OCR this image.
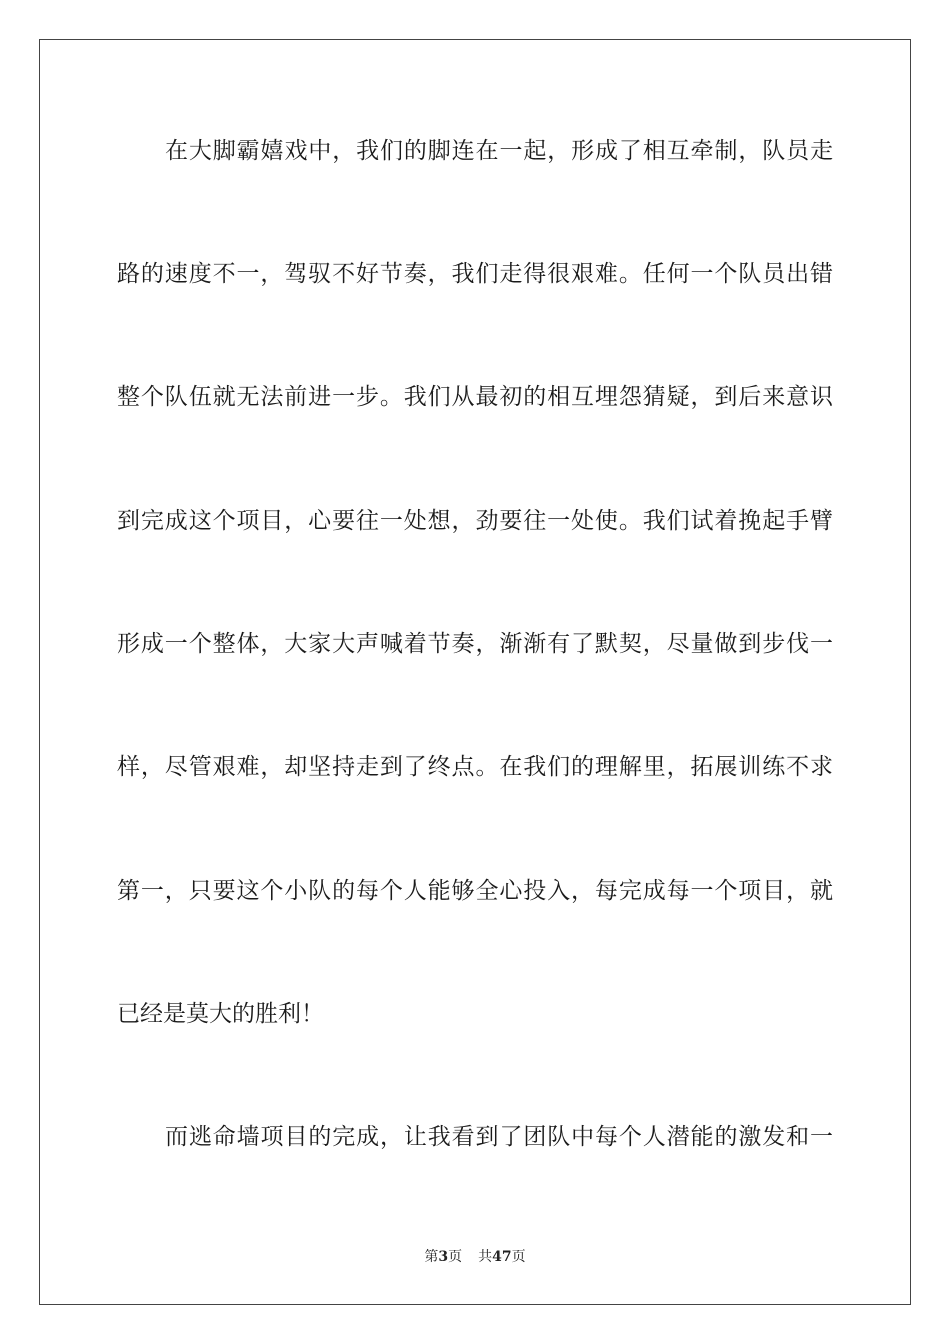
在大脚霸嬉戏中，我们的脚连在一起，形成了相互牵制，队员走
路的速度不一，驾驭不好节奏，我们走得很艰难。任何一个队员出错
整个队伍就无法前进一步。我们从最初的相互埋怨猜疑，到后来意识
到完成这个项目，心要往一处想，劲要往一处使。我们试着挽起手臂
形成一个整体，大家大声喊着节奏，渐渐有了默契，尽量做到步伐一
样，尽管艰难，却坚持走到了终点。在我们的理解里，拓展训练不求
第一，只要这个小队的每个人能够全心投入，每完成每一个项目，就
已经是莫大的胜利！
而逃命墙项目的完成，让我看到了团队中每个人潜能的激发和一
第3页 共47页
